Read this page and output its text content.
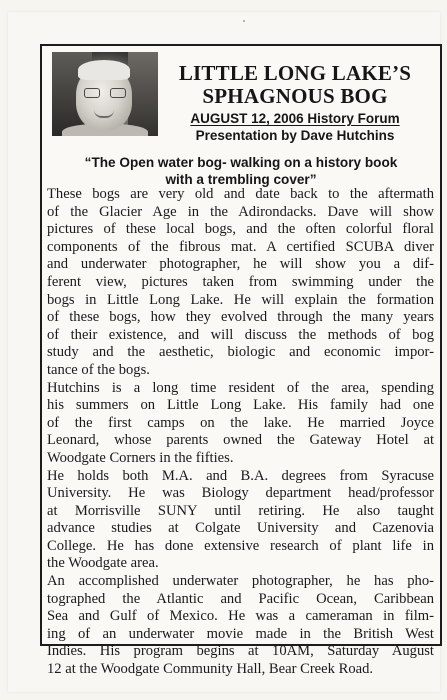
LITTLE LONG LAKE’S
SPHAGNOUS BOG
AUGUST 12, 2006 History Forum
Presentation by Dave Hutchins
“The Open water bog- walking on a history book
with a trembling cover”
These bogs are very old and date back to the aftermath
of the Glacier Age in the Adirondacks. Dave will show
pictures of these local bogs, and the often colorful floral
components of the fibrous mat. A certified SCUBA diver
and underwater photographer, he will show you a dif-
ferent view, pictures taken from swimming under the
bogs in Little Long Lake. He will explain the formation
of these bogs, how they evolved through the many years
of their existence, and will discuss the methods of bog
study and the aesthetic, biologic and economic impor-
tance of the bogs.
Hutchins is a long time resident of the area, spending
his summers on Little Long Lake. His family had one
of the first camps on the lake. He married Joyce
Leonard, whose parents owned the Gateway Hotel at
Woodgate Corners in the fifties.
He holds both M.A. and B.A. degrees from Syracuse
University. He was Biology department head/professor
at Morrisville SUNY until retiring. He also taught
advance studies at Colgate University and Cazenovia
College. He has done extensive research of plant life in
the Woodgate area.
An accomplished underwater photographer, he has pho-
tographed the Atlantic and Pacific Ocean, Caribbean
Sea and Gulf of Mexico. He was a cameraman in film-
ing of an underwater movie made in the British West
Indies. His program begins at 10AM, Saturday August
12 at the Woodgate Community Hall, Bear Creek Road.
